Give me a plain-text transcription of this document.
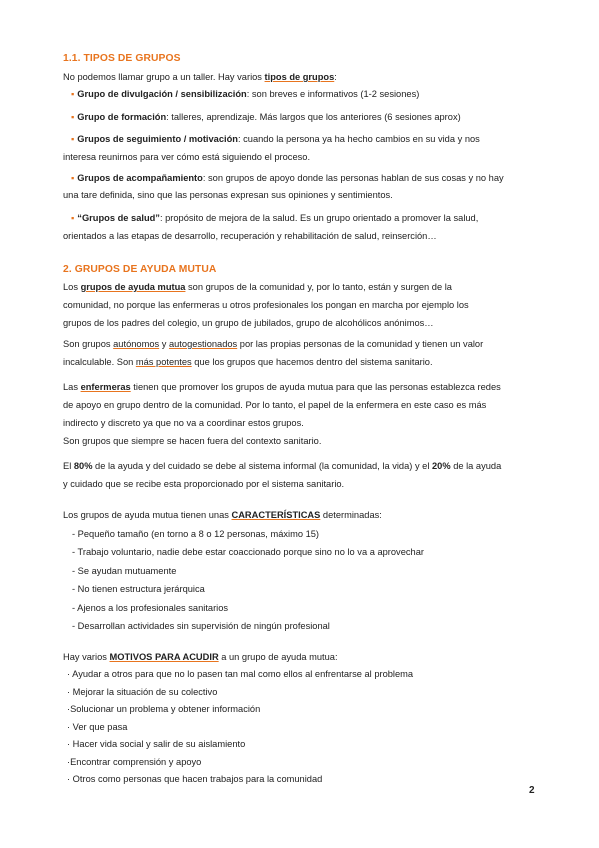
1.1. TIPOS DE GRUPOS
No podemos llamar grupo a un taller. Hay varios tipos de grupos:
▪ Grupo de divulgación / sensibilización: son breves e informativos (1-2 sesiones)
▪ Grupo de formación: talleres, aprendizaje. Más largos que los anteriores (6 sesiones aprox)
▪ Grupos de seguimiento / motivación: cuando la persona ya ha hecho cambios en su vida y nos
interesa reunirnos para ver cómo está siguiendo el proceso.
▪ Grupos de acompañamiento: son grupos de apoyo donde las personas hablan de sus cosas y no hay
una tare definida, sino que las personas expresan sus opiniones y sentimientos.
▪ “Grupos de salud”: propósito de mejora de la salud. Es un grupo orientado a promover la salud,
orientados a las etapas de desarrollo, recuperación y rehabilitación de salud, reinserción…
2. GRUPOS DE AYUDA MUTUA
Los grupos de ayuda mutua son grupos de la comunidad y, por lo tanto, están y surgen de la
comunidad, no porque las enfermeras u otros profesionales los pongan en marcha por ejemplo los
grupos de los padres del colegio, un grupo de jubilados, grupo de alcohólicos anónimos…
Son grupos autónomos y autogestionados por las propias personas de la comunidad y tienen un valor
incalculable. Son más potentes que los grupos que hacemos dentro del sistema sanitario.
Las enfermeras tienen que promover los grupos de ayuda mutua para que las personas establezca redes
de apoyo en grupo dentro de la comunidad. Por lo tanto, el papel de la enfermera en este caso es más
indirecto y discreto ya que no va a coordinar estos grupos.
Son grupos que siempre se hacen fuera del contexto sanitario.
El 80% de la ayuda y del cuidado se debe al sistema informal (la comunidad, la vida) y el 20% de la ayuda
y cuidado que se recibe esta proporcionado por el sistema sanitario.
Los grupos de ayuda mutua tienen unas CARACTERÍSTICAS determinadas:
- Pequeño tamaño (en torno a 8 o 12 personas, máximo 15)
- Trabajo voluntario, nadie debe estar coaccionado porque sino no lo va a aprovechar
- Se ayudan mutuamente
- No tienen estructura jerárquica
- Ajenos a los profesionales sanitarios
- Desarrollan actividades sin supervisión de ningún profesional
Hay varios MOTIVOS PARA ACUDIR a un grupo de ayuda mutua:
· Ayudar a otros para que no lo pasen tan mal como ellos al enfrentarse al problema
· Mejorar la situación de su colectivo
·Solucionar un problema y obtener información
· Ver que pasa
· Hacer vida social y salir de su aislamiento
·Encontrar comprensión y apoyo
· Otros como personas que hacen trabajos para la comunidad
2
